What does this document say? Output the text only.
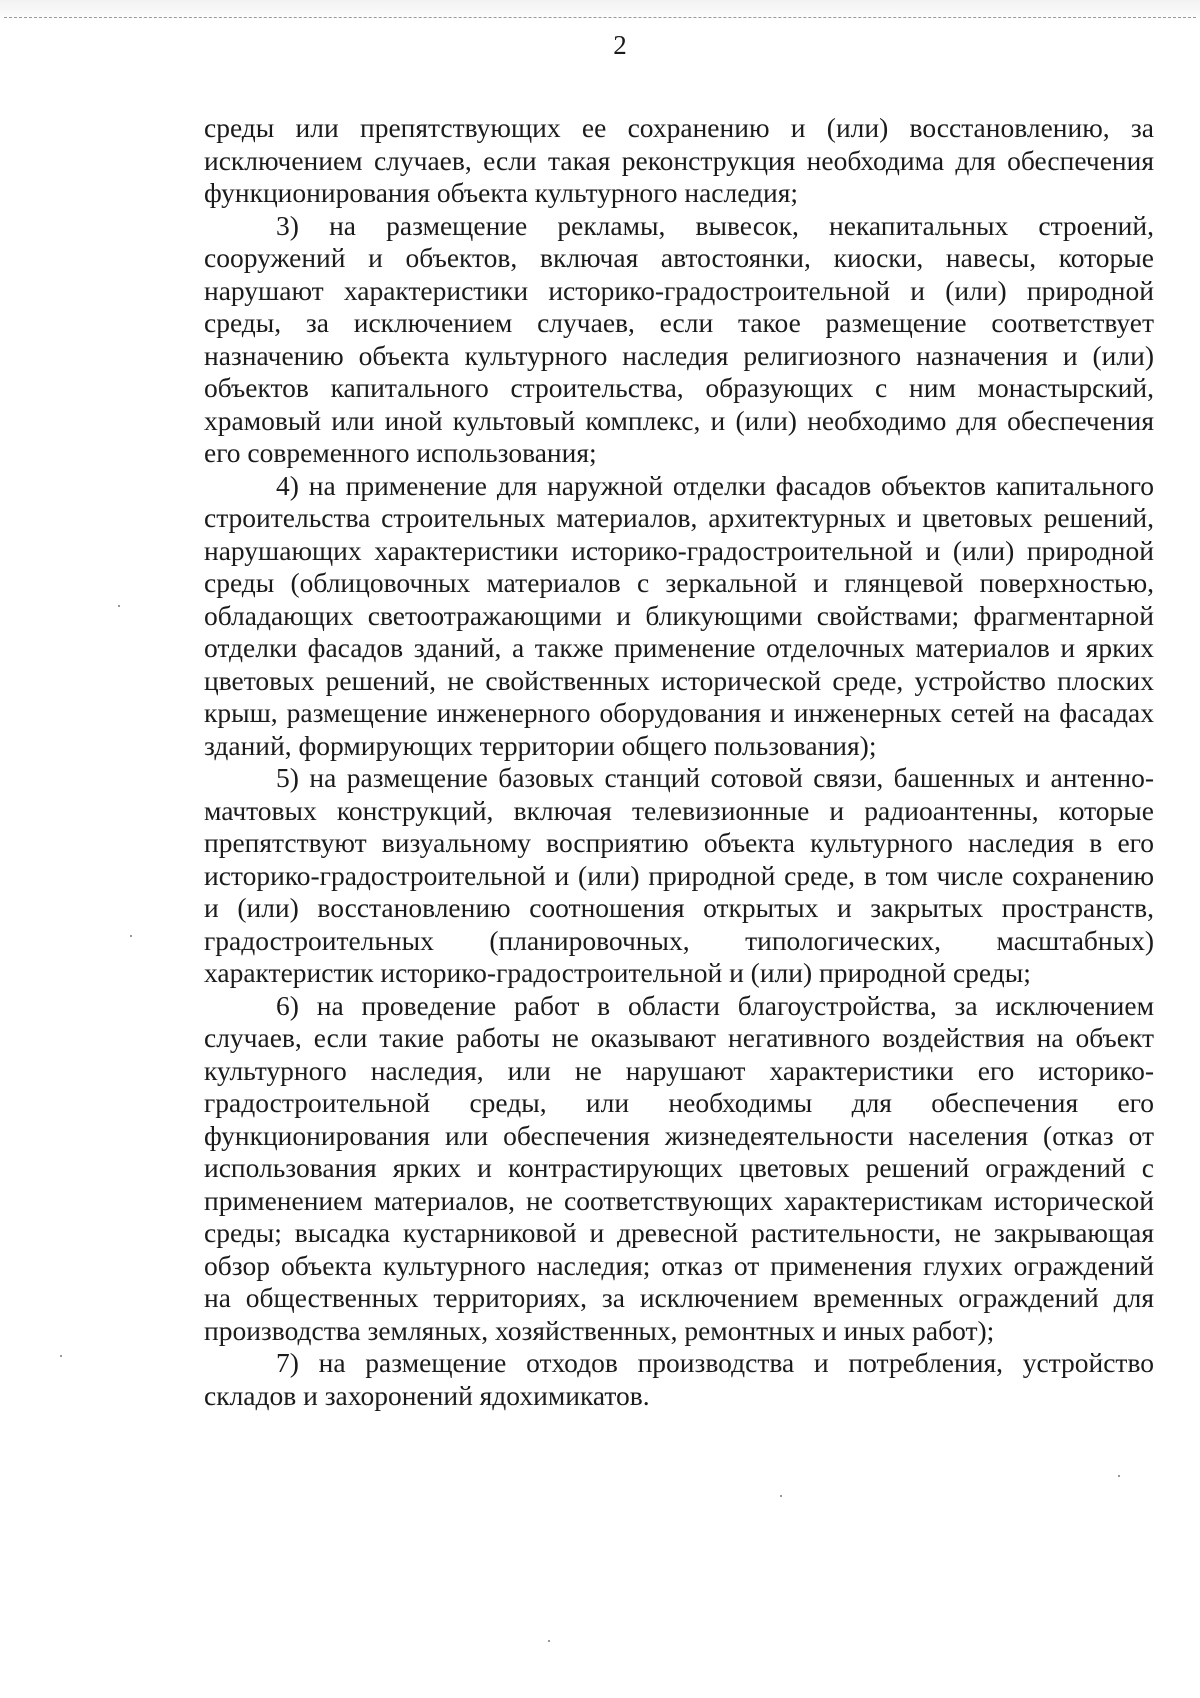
2

среды или препятствующих ее сохранению и (или) восстановлению, за исключением случаев, если такая реконструкция необходима для обеспечения функционирования объекта культурного наследия;

3) на размещение рекламы, вывесок, некапитальных строений, сооружений и объектов, включая автостоянки, киоски, навесы, которые нарушают характеристики историко-градостроительной и (или) природной среды, за исключением случаев, если такое размещение соответствует назначению объекта культурного наследия религиозного назначения и (или) объектов капитального строительства, образующих с ним монастырский, храмовый или иной культовый комплекс, и (или) необходимо для обеспечения его современного использования;

4) на применение для наружной отделки фасадов объектов капитального строительства строительных материалов, архитектурных и цветовых решений, нарушающих характеристики историко-градостроительной и (или) природной среды (облицовочных материалов с зеркальной и глянцевой поверхностью, обладающих светоотражающими и бликующими свойствами; фрагментарной отделки фасадов зданий, а также применение отделочных материалов и ярких цветовых решений, не свойственных исторической среде, устройство плоских крыш, размещение инженерного оборудования и инженерных сетей на фасадах зданий, формирующих территории общего пользования);

5) на размещение базовых станций сотовой связи, башенных и антенно-мачтовых конструкций, включая телевизионные и радиоантенны, которые препятствуют визуальному восприятию объекта культурного наследия в его историко-градостроительной и (или) природной среде, в том числе сохранению и (или) восстановлению соотношения открытых и закрытых пространств, градостроительных (планировочных, типологических, масштабных) характеристик историко-градостроительной и (или) природной среды;

6) на проведение работ в области благоустройства, за исключением случаев, если такие работы не оказывают негативного воздействия на объект культурного наследия, или не нарушают характеристики его историко-градостроительной среды, или необходимы для обеспечения его функционирования или обеспечения жизнедеятельности населения (отказ от использования ярких и контрастирующих цветовых решений ограждений с применением материалов, не соответствующих характеристикам исторической среды; высадка кустарниковой и древесной растительности, не закрывающая обзор объекта культурного наследия; отказ от применения глухих ограждений на общественных территориях, за исключением временных ограждений для производства земляных, хозяйственных, ремонтных и иных работ);

7) на размещение отходов производства и потребления, устройство складов и захоронений ядохимикатов.
